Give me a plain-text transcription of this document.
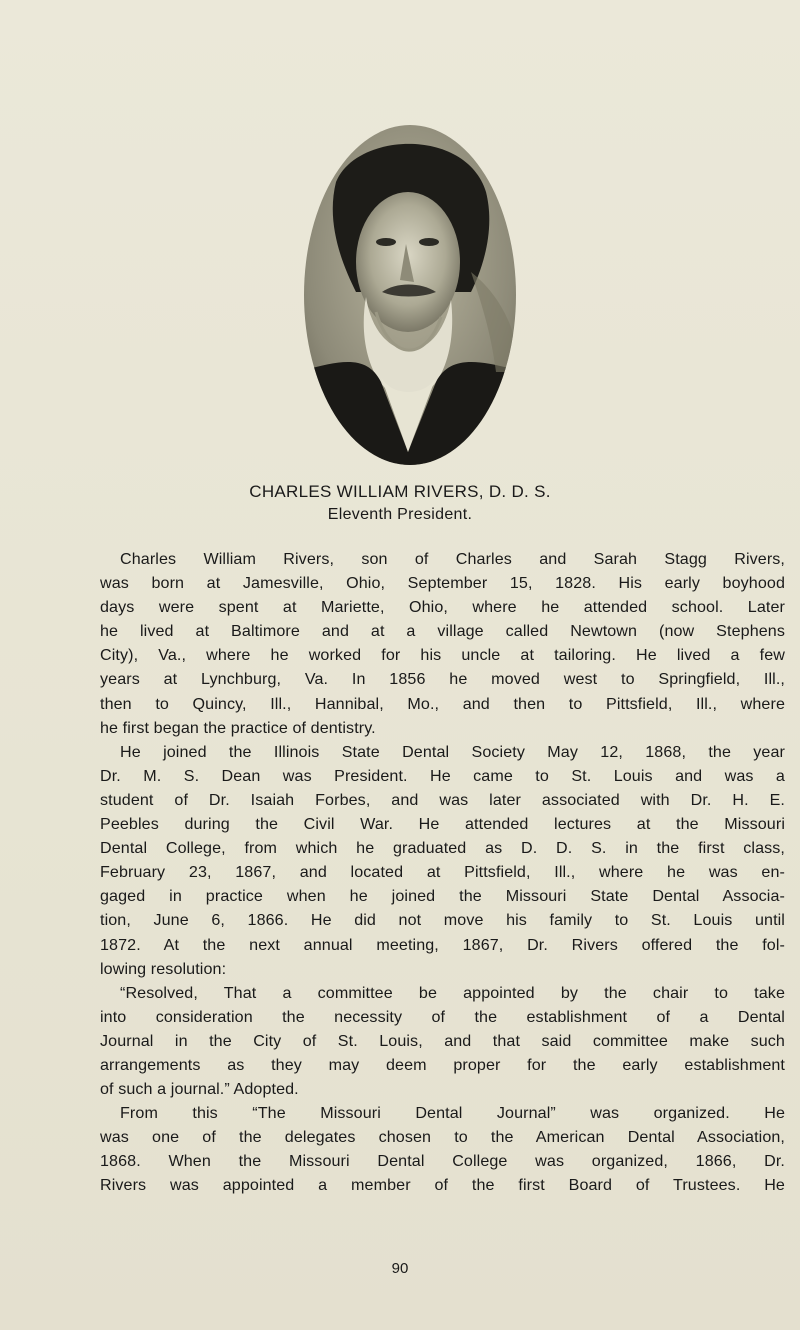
CHARLES WILLIAM RIVERS, D. D. S.
Eleventh President.
Charles William Rivers, son of Charles and Sarah Stagg Rivers,
was born at Jamesville, Ohio, September 15, 1828. His early boyhood
days were spent at Mariette, Ohio, where he attended school. Later
he lived at Baltimore and at a village called Newtown (now Stephens
City), Va., where he worked for his uncle at tailoring. He lived a few
years at Lynchburg, Va. In 1856 he moved west to Springfield, Ill.,
then to Quincy, Ill., Hannibal, Mo., and then to Pittsfield, Ill., where
he first began the practice of dentistry.
He joined the Illinois State Dental Society May 12, 1868, the year
Dr. M. S. Dean was President. He came to St. Louis and was a
student of Dr. Isaiah Forbes, and was later associated with Dr. H. E.
Peebles during the Civil War. He attended lectures at the Missouri
Dental College, from which he graduated as D. D. S. in the first class,
February 23, 1867, and located at Pittsfield, Ill., where he was en-
gaged in practice when he joined the Missouri State Dental Associa-
tion, June 6, 1866. He did not move his family to St. Louis until
1872. At the next annual meeting, 1867, Dr. Rivers offered the fol-
lowing resolution:
“Resolved, That a committee be appointed by the chair to take
into consideration the necessity of the establishment of a Dental
Journal in the City of St. Louis, and that said committee make such
arrangements as they may deem proper for the early establishment
of such a journal.” Adopted.
From this “The Missouri Dental Journal” was organized. He
was one of the delegates chosen to the American Dental Association,
1868. When the Missouri Dental College was organized, 1866, Dr.
Rivers was appointed a member of the first Board of Trustees. He
90
